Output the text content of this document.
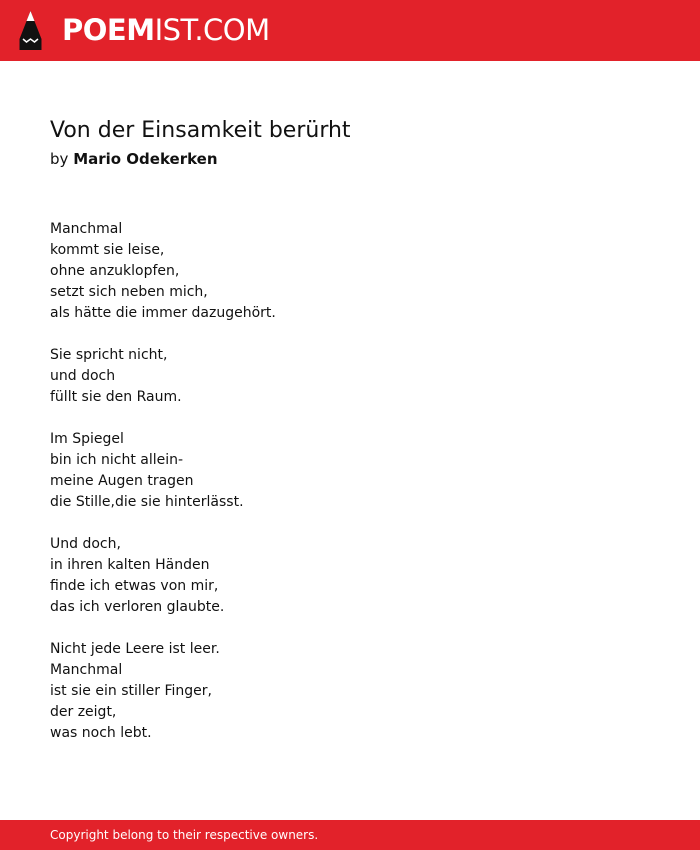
POEMIST.COM
Von der Einsamkeit berürht
by Mario Odekerken
Manchmal
kommt sie leise,
ohne anzuklopfen,
setzt sich neben mich,
als hätte die immer dazugehört.
Sie spricht nicht,
und doch
füllt sie den Raum.
Im Spiegel
bin ich nicht allein-
meine Augen tragen
die Stille,die sie hinterlässt.
Und doch,
in ihren kalten Händen
finde ich etwas von mir,
das ich verloren glaubte.
Nicht jede Leere ist leer.
Manchmal
ist sie ein stiller Finger,
der zeigt,
was noch lebt.
Copyright belong to their respective owners.
